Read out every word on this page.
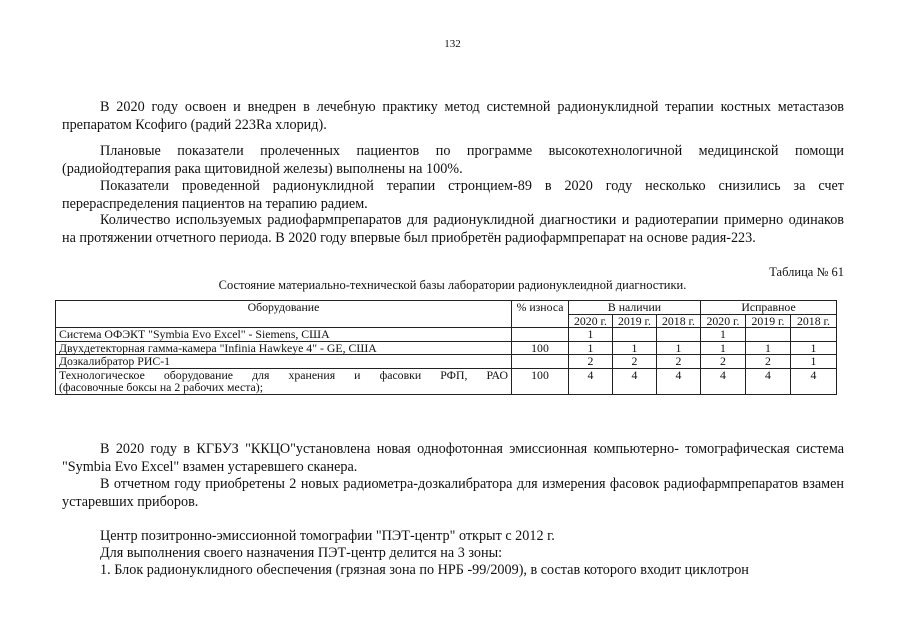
132

В 2020 году освоен и внедрен в лечебную практику метод системной радионуклидной терапии костных метастазов препаратом Ксофиго (радий 223Ra хлорид).

Плановые показатели пролеченных пациентов по программе высокотехнологичной медицинской помощи (радиойодтерапия рака щитовидной железы) выполнены на 100%.

Показатели проведенной радионуклидной терапии стронцием-89 в 2020 году несколько снизились за счет перераспределения пациентов на терапию радием.

Количество используемых радиофармпрепаратов для радионуклидной диагностики и радиотерапии примерно одинаков на протяжении отчетного периода. В 2020 году впервые был приобретён радиофармпрепарат на основе радия-223.

Таблица № 61
Состояние материально-технической базы лаборатории радионуклеидной диагностики.
Оборудование	% износа	В наличии			Исправное		
		2020 г.	2019 г.	2018 г.	2020 г.	2019 г.	2018 г.
Система ОФЭКТ "Symbia Evo Excel" - Siemens, США		1			1		
Двухдетекторная гамма-камера "Infinia Hawkeye 4" - GE, США	100	1	1	1	1	1	1
Дозкалибратор РИС-1		2	2	2	2	2	1

Технологическое оборудование для хранения и фасовки РФП, РАО
(фасовочные боксы на 2 рабочих места);	100	4	4	4	4	4	4

В 2020 году в КГБУЗ "ККЦО"установлена новая однофотонная эмиссионная компьютерно- томографическая система "Symbia Evo Excel" взамен устаревшего сканера.

В отчетном году приобретены 2 новых радиометра-дозкалибратора для измерения фасовок радиофармпрепаратов взамен устаревших приборов.

Центр позитронно-эмиссионной томографии "ПЭТ-центр" открыт с 2012 г.

Для выполнения своего назначения ПЭТ-центр делится на 3 зоны:

1. Блок радионуклидного обеспечения (грязная зона по НРБ -99/2009), в состав которого входит циклотрон
